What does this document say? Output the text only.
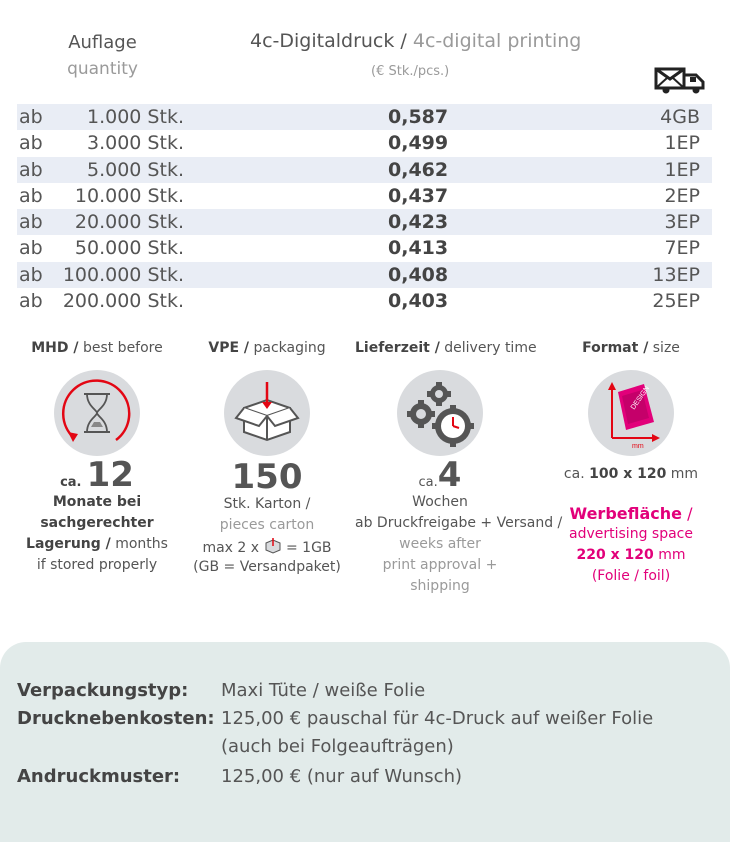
Auflage
quantity
4c-Digitaldruck / 4c-digital printing
(€ Stk./pcs.)
ab 1.000 Stk.	0,587	4GB
ab 3.000 Stk.	0,499	1EP
ab 5.000 Stk.	0,462	1EP
ab 10.000 Stk.	0,437	2EP
ab 20.000 Stk.	0,423	3EP
ab 50.000 Stk.	0,413	7EP
ab 100.000 Stk.	0,408	13EP
ab 200.000 Stk.	0,403	25EP
MHD / best before
ca. 12
Monate bei
sachgerechter
Lagerung / months
if stored properly
VPE / packaging
150
Stk. Karton /
pieces carton
max 2 x = 1GB
(GB = Versandpaket)
Lieferzeit / delivery time
ca.4
Wochen
ab Druckfreigabe + Versand /
weeks after
print approval + shipping
Format / size
DESIGN
mm
ca. 100 x 120 mm
Werbefläche /
advertising space
220 x 120 mm
(Folie / foil)
Verpackungstyp: Maxi Tüte / weiße Folie
Drucknebenkosten: 125,00 € pauschal für 4c-Druck auf weißer Folie
(auch bei Folgeaufträgen)
Andruckmuster: 125,00 € (nur auf Wunsch)
